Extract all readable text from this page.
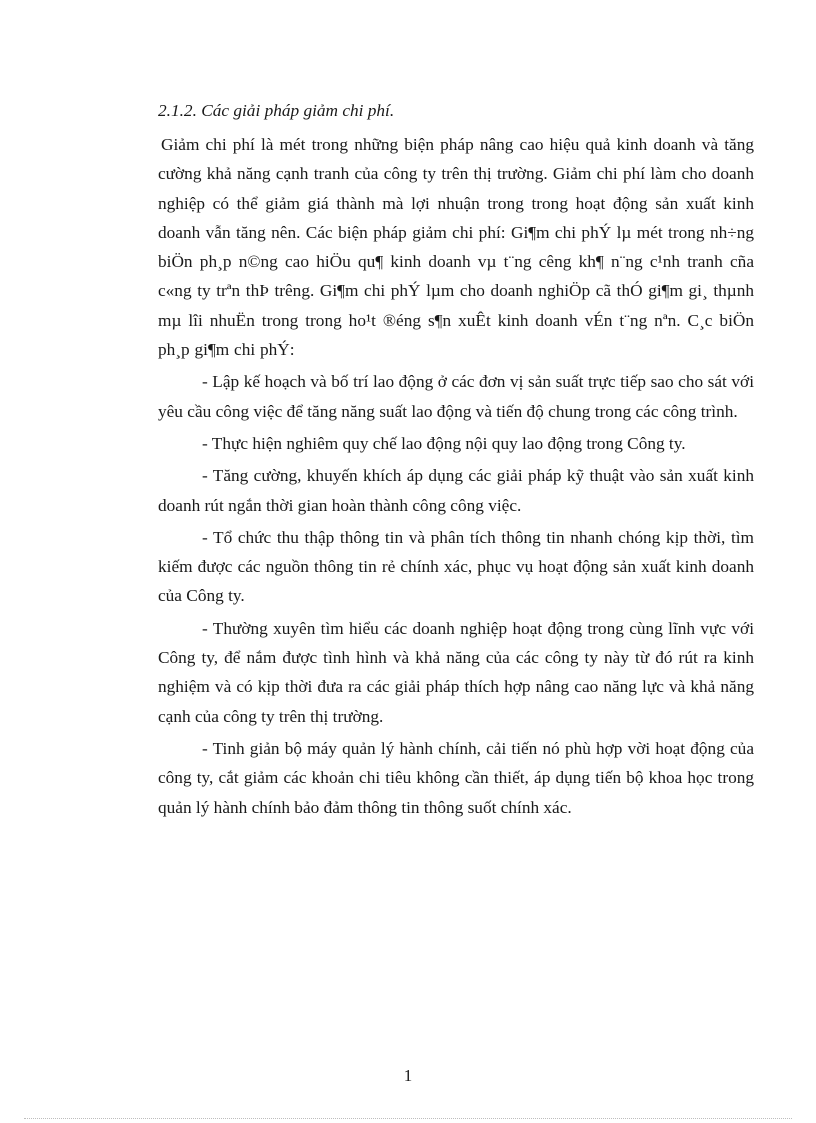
2.1.2. Các giải pháp giảm chi phí.

Giảm chi phí là mét trong những biện pháp nâng cao hiệu quả kinh doanh và tăng cường khả năng cạnh tranh của công ty trên thị trường. Giảm chi phí làm cho doanh nghiệp có thể giảm giá thành mà lợi nhuận trong trong hoạt động sản xuất kinh doanh vẫn tăng nên. Các biện pháp giảm chi phí: Gi¶m chi phÝ lµ mét trong nh÷ng biÖn ph¸p n©ng cao hiÖu qu¶ kinh doanh vµ t¨ng cêng kh¶ n¨ng c¹nh tranh cña c«ng ty trªn thÞ trêng. Gi¶m chi phÝ lµm cho doanh nghiÖp cã thÓ gi¶m gi¸ thµnh mµ lîi nhuËn trong trong ho¹t ®éng s¶n xuÊt kinh doanh vÉn t¨ng nªn. C¸c biÖn ph¸p gi¶m chi phÝ:

- Lập kế hoạch và bố trí lao động ở các đơn vị sản suất trực tiếp sao cho sát với yêu cầu công việc để tăng năng suất lao động và tiến độ chung trong các công trình.

- Thực hiện nghiêm quy chế lao động nội quy lao động trong Công ty.

- Tăng cường, khuyến khích áp dụng các giải pháp kỹ thuật vào sản xuất kinh doanh rút ngắn thời gian hoàn thành công công việc.

- Tổ chức thu thập thông tin và phân tích thông tin nhanh chóng kịp thời, tìm kiếm được các nguồn thông tin rẻ chính xác, phục vụ hoạt động sản xuất kinh doanh của Công ty.

- Thường xuyên tìm hiểu các doanh nghiệp hoạt động trong cùng lĩnh vực với Công ty, để nắm được tình hình và khả năng của các công ty này từ đó rút ra kinh nghiệm và có kịp thời đưa ra các giải pháp thích hợp nâng cao năng lực và khả năng cạnh của công ty trên thị trường.

- Tinh giản bộ máy quản lý hành chính, cải tiến nó phù hợp vời hoạt động của công ty, cắt giảm các khoản chi tiêu không cần thiết, áp dụng tiến bộ khoa học trong quản lý hành chính bảo đảm thông tin thông suốt chính xác.

1
